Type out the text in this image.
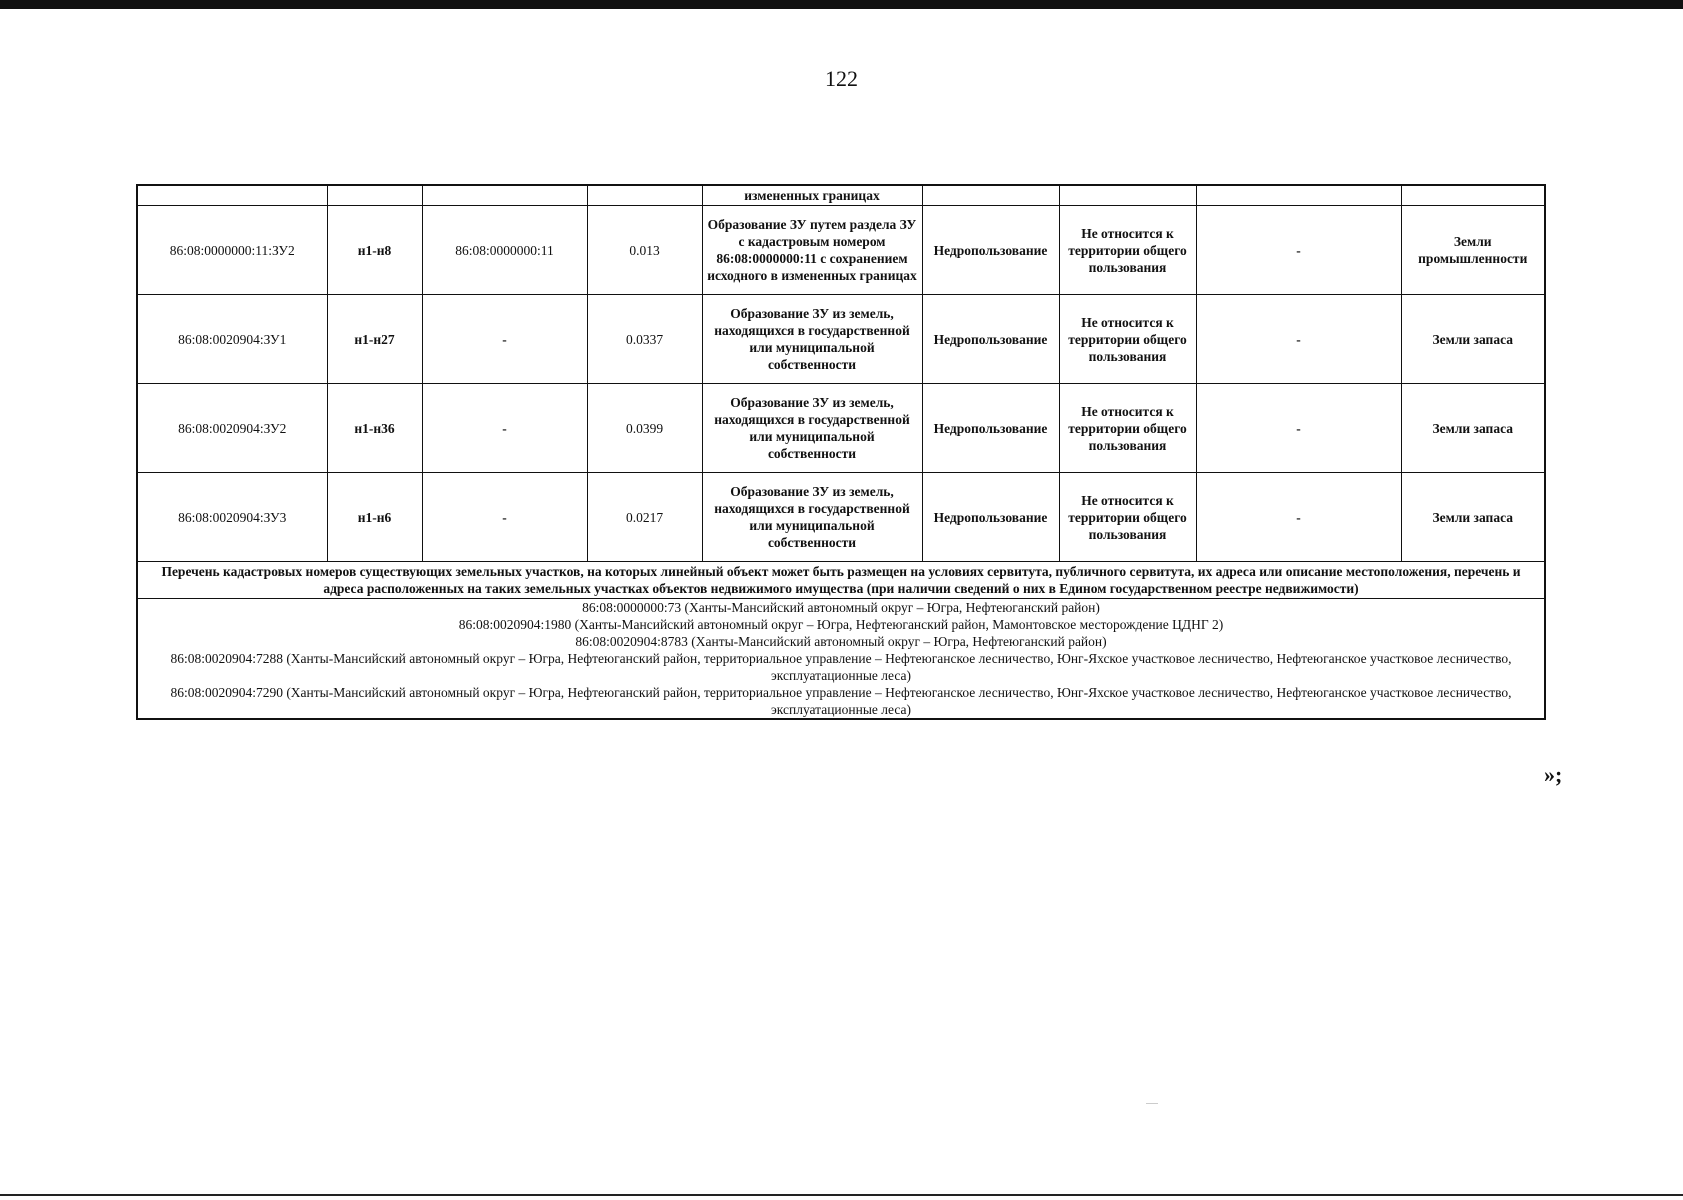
122
				измененных границах				
86:08:0000000:11:ЗУ2	н1-н8	86:08:0000000:11	0.013	Образование ЗУ путем раздела ЗУ с кадастровым номером 86:08:0000000:11 с сохранением исходного в измененных границах	Недропользование	Не относится к территории общего пользования	-	Земли промышленности
86:08:0020904:ЗУ1	н1-н27	-	0.0337	Образование ЗУ из земель, находящихся в государственной или муниципальной собственности	Недропользование	Не относится к территории общего пользования	-	Земли запаса
86:08:0020904:ЗУ2	н1-н36	-	0.0399	Образование ЗУ из земель, находящихся в государственной или муниципальной собственности	Недропользование	Не относится к территории общего пользования	-	Земли запаса
86:08:0020904:ЗУ3	н1-н6	-	0.0217	Образование ЗУ из земель, находящихся в государственной или муниципальной собственности	Недропользование	Не относится к территории общего пользования	-	Земли запаса
Перечень кадастровых номеров существующих земельных участков, на которых линейный объект может быть размещен на условиях сервитута, публичного сервитута, их адреса или описание местоположения, перечень и адреса расположенных на таких земельных участках объектов недвижимого имущества (при наличии сведений о них в Едином государственном реестре недвижимости)								

86:08:0000000:73 (Ханты-Мансийский автономный округ – Югра, Нефтеюганский район)
86:08:0020904:1980 (Ханты-Мансийский автономный округ – Югра, Нефтеюганский район, Мамонтовское месторождение ЦДНГ 2)
86:08:0020904:8783 (Ханты-Мансийский автономный округ – Югра, Нефтеюганский район)
86:08:0020904:7288 (Ханты-Мансийский автономный округ – Югра, Нефтеюганский район, территориальное управление – Нефтеюганское лесничество, Юнг-Яхское участковое лесничество, Нефтеюганское участковое лесничество, эксплуатационные леса)
86:08:0020904:7290 (Ханты-Мансийский автономный округ – Югра, Нефтеюганский район, территориальное управление – Нефтеюганское лесничество, Юнг-Яхское участковое лесничество, Нефтеюганское участковое лесничество, эксплуатационные леса)								
»;
